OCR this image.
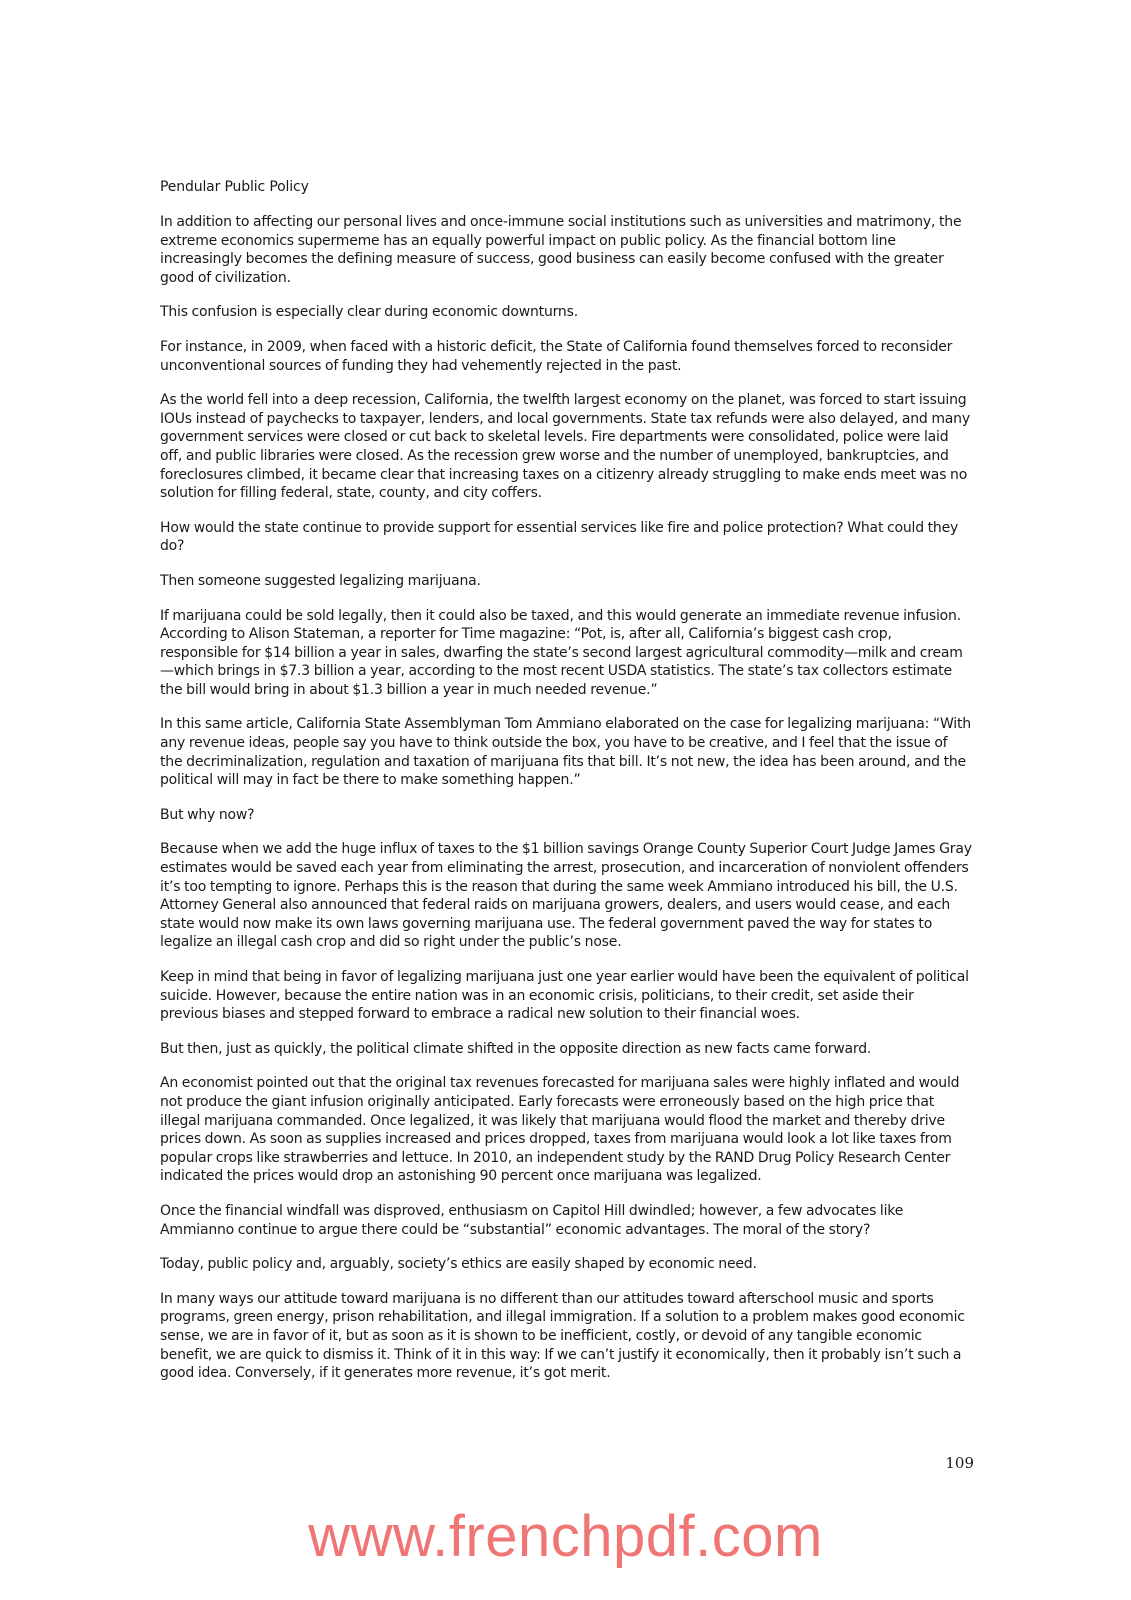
Pendular Public Policy

In addition to affecting our personal lives and once-immune social institutions such as universities and matrimony, the extreme economics supermeme has an equally powerful impact on public policy. As the financial bottom line increasingly becomes the defining measure of success, good business can easily become confused with the greater good of civilization.

This confusion is especially clear during economic downturns.

For instance, in 2009, when faced with a historic deficit, the State of California found themselves forced to reconsider unconventional sources of funding they had vehemently rejected in the past.

As the world fell into a deep recession, California, the twelfth largest economy on the planet, was forced to start issuing IOUs instead of paychecks to taxpayer, lenders, and local governments. State tax refunds were also delayed, and many government services were closed or cut back to skeletal levels. Fire departments were consolidated, police were laid off, and public libraries were closed. As the recession grew worse and the number of unemployed, bankruptcies, and foreclosures climbed, it became clear that increasing taxes on a citizenry already struggling to make ends meet was no solution for filling federal, state, county, and city coffers.

How would the state continue to provide support for essential services like fire and police protection? What could they do?

Then someone suggested legalizing marijuana.

If marijuana could be sold legally, then it could also be taxed, and this would generate an immediate revenue infusion. According to Alison Stateman, a reporter for Time magazine: “Pot, is, after all, California’s biggest cash crop, responsible for $14 billion a year in sales, dwarfing the state’s second largest agricultural commodity—milk and cream—which brings in $7.3 billion a year, according to the most recent USDA statistics. The state’s tax collectors estimate the bill would bring in about $1.3 billion a year in much needed revenue.”

In this same article, California State Assemblyman Tom Ammiano elaborated on the case for legalizing marijuana: “With any revenue ideas, people say you have to think outside the box, you have to be creative, and I feel that the issue of the decriminalization, regulation and taxation of marijuana fits that bill. It’s not new, the idea has been around, and the political will may in fact be there to make something happen.”

But why now?

Because when we add the huge influx of taxes to the $1 billion savings Orange County Superior Court Judge James Gray estimates would be saved each year from eliminating the arrest, prosecution, and incarceration of nonviolent offenders it’s too tempting to ignore. Perhaps this is the reason that during the same week Ammiano introduced his bill, the U.S. Attorney General also announced that federal raids on marijuana growers, dealers, and users would cease, and each state would now make its own laws governing marijuana use. The federal government paved the way for states to legalize an illegal cash crop and did so right under the public’s nose.

Keep in mind that being in favor of legalizing marijuana just one year earlier would have been the equivalent of political suicide. However, because the entire nation was in an economic crisis, politicians, to their credit, set aside their previous biases and stepped forward to embrace a radical new solution to their financial woes.

But then, just as quickly, the political climate shifted in the opposite direction as new facts came forward.

An economist pointed out that the original tax revenues forecasted for marijuana sales were highly inflated and would not produce the giant infusion originally anticipated. Early forecasts were erroneously based on the high price that illegal marijuana commanded. Once legalized, it was likely that marijuana would flood the market and thereby drive prices down. As soon as supplies increased and prices dropped, taxes from marijuana would look a lot like taxes from popular crops like strawberries and lettuce. In 2010, an independent study by the RAND Drug Policy Research Center indicated the prices would drop an astonishing 90 percent once marijuana was legalized.

Once the financial windfall was disproved, enthusiasm on Capitol Hill dwindled; however, a few advocates like Ammianno continue to argue there could be “substantial” economic advantages. The moral of the story?

Today, public policy and, arguably, society’s ethics are easily shaped by economic need.

In many ways our attitude toward marijuana is no different than our attitudes toward afterschool music and sports programs, green energy, prison rehabilitation, and illegal immigration. If a solution to a problem makes good economic sense, we are in favor of it, but as soon as it is shown to be inefficient, costly, or devoid of any tangible economic benefit, we are quick to dismiss it. Think of it in this way: If we can’t justify it economically, then it probably isn’t such a good idea. Conversely, if it generates more revenue, it’s got merit.

109
www.frenchpdf.com
